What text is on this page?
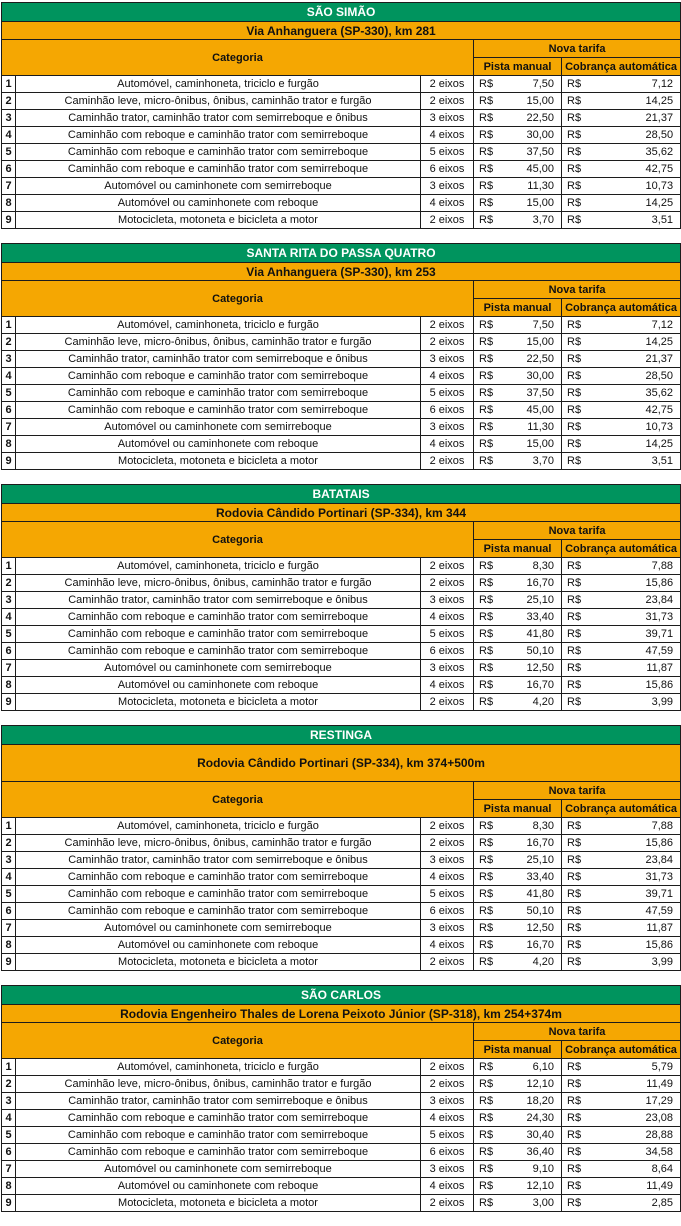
SÃO SIMÃO				
Via Anhanguera (SP-330), km 281				
Categoria			Nova tarifa	
			Pista manual	Cobrança automática
1	Automóvel, caminhoneta, triciclo e furgão	2 eixos	R$ 7,50	R$ 7,12

2	Caminhão leve, micro-ônibus, ônibus, caminhão trator e furgão	2 eixos	R$ 15,00	R$ 14,25

3	Caminhão trator, caminhão trator com semirreboque e ônibus	3 eixos	R$ 22,50	R$ 21,37

4	Caminhão com reboque e caminhão trator com semirreboque	4 eixos	R$ 30,00	R$ 28,50

5	Caminhão com reboque e caminhão trator com semirreboque	5 eixos	R$ 37,50	R$ 35,62

6	Caminhão com reboque e caminhão trator com semirreboque	6 eixos	R$ 45,00	R$ 42,75

7	Automóvel ou caminhonete com semirreboque	3 eixos	R$ 11,30	R$ 10,73

8	Automóvel ou caminhonete com reboque	4 eixos	R$ 15,00	R$ 14,25

9	Motocicleta, motoneta e bicicleta a motor	2 eixos	R$ 3,70	R$ 3,51
SANTA RITA DO PASSA QUATRO				
Via Anhanguera (SP-330), km 253				
Categoria			Nova tarifa	
			Pista manual	Cobrança automática
1	Automóvel, caminhoneta, triciclo e furgão	2 eixos	R$ 7,50	R$ 7,12

2	Caminhão leve, micro-ônibus, ônibus, caminhão trator e furgão	2 eixos	R$ 15,00	R$ 14,25

3	Caminhão trator, caminhão trator com semirreboque e ônibus	3 eixos	R$ 22,50	R$ 21,37

4	Caminhão com reboque e caminhão trator com semirreboque	4 eixos	R$ 30,00	R$ 28,50

5	Caminhão com reboque e caminhão trator com semirreboque	5 eixos	R$ 37,50	R$ 35,62

6	Caminhão com reboque e caminhão trator com semirreboque	6 eixos	R$ 45,00	R$ 42,75

7	Automóvel ou caminhonete com semirreboque	3 eixos	R$ 11,30	R$ 10,73

8	Automóvel ou caminhonete com reboque	4 eixos	R$ 15,00	R$ 14,25

9	Motocicleta, motoneta e bicicleta a motor	2 eixos	R$ 3,70	R$ 3,51
BATATAIS				
Rodovia Cândido Portinari (SP-334), km 344				
Categoria			Nova tarifa	
			Pista manual	Cobrança automática
1	Automóvel, caminhoneta, triciclo e furgão	2 eixos	R$ 8,30	R$ 7,88

2	Caminhão leve, micro-ônibus, ônibus, caminhão trator e furgão	2 eixos	R$ 16,70	R$ 15,86

3	Caminhão trator, caminhão trator com semirreboque e ônibus	3 eixos	R$ 25,10	R$ 23,84

4	Caminhão com reboque e caminhão trator com semirreboque	4 eixos	R$ 33,40	R$ 31,73

5	Caminhão com reboque e caminhão trator com semirreboque	5 eixos	R$ 41,80	R$ 39,71

6	Caminhão com reboque e caminhão trator com semirreboque	6 eixos	R$ 50,10	R$ 47,59

7	Automóvel ou caminhonete com semirreboque	3 eixos	R$ 12,50	R$ 11,87

8	Automóvel ou caminhonete com reboque	4 eixos	R$ 16,70	R$ 15,86

9	Motocicleta, motoneta e bicicleta a motor	2 eixos	R$ 4,20	R$ 3,99
RESTINGA				
Rodovia Cândido Portinari (SP-334), km 374+500m				
Categoria			Nova tarifa	
			Pista manual	Cobrança automática
1	Automóvel, caminhoneta, triciclo e furgão	2 eixos	R$ 8,30	R$ 7,88

2	Caminhão leve, micro-ônibus, ônibus, caminhão trator e furgão	2 eixos	R$ 16,70	R$ 15,86

3	Caminhão trator, caminhão trator com semirreboque e ônibus	3 eixos	R$ 25,10	R$ 23,84

4	Caminhão com reboque e caminhão trator com semirreboque	4 eixos	R$ 33,40	R$ 31,73

5	Caminhão com reboque e caminhão trator com semirreboque	5 eixos	R$ 41,80	R$ 39,71

6	Caminhão com reboque e caminhão trator com semirreboque	6 eixos	R$ 50,10	R$ 47,59

7	Automóvel ou caminhonete com semirreboque	3 eixos	R$ 12,50	R$ 11,87

8	Automóvel ou caminhonete com reboque	4 eixos	R$ 16,70	R$ 15,86

9	Motocicleta, motoneta e bicicleta a motor	2 eixos	R$ 4,20	R$ 3,99
SÃO CARLOS				
Rodovia Engenheiro Thales de Lorena Peixoto Júnior (SP-318), km 254+374m				
Categoria			Nova tarifa	
			Pista manual	Cobrança automática
1	Automóvel, caminhoneta, triciclo e furgão	2 eixos	R$ 6,10	R$ 5,79

2	Caminhão leve, micro-ônibus, ônibus, caminhão trator e furgão	2 eixos	R$ 12,10	R$ 11,49

3	Caminhão trator, caminhão trator com semirreboque e ônibus	3 eixos	R$ 18,20	R$ 17,29

4	Caminhão com reboque e caminhão trator com semirreboque	4 eixos	R$ 24,30	R$ 23,08

5	Caminhão com reboque e caminhão trator com semirreboque	5 eixos	R$ 30,40	R$ 28,88

6	Caminhão com reboque e caminhão trator com semirreboque	6 eixos	R$ 36,40	R$ 34,58

7	Automóvel ou caminhonete com semirreboque	3 eixos	R$ 9,10	R$ 8,64

8	Automóvel ou caminhonete com reboque	4 eixos	R$ 12,10	R$ 11,49

9	Motocicleta, motoneta e bicicleta a motor	2 eixos	R$ 3,00	R$ 2,85
